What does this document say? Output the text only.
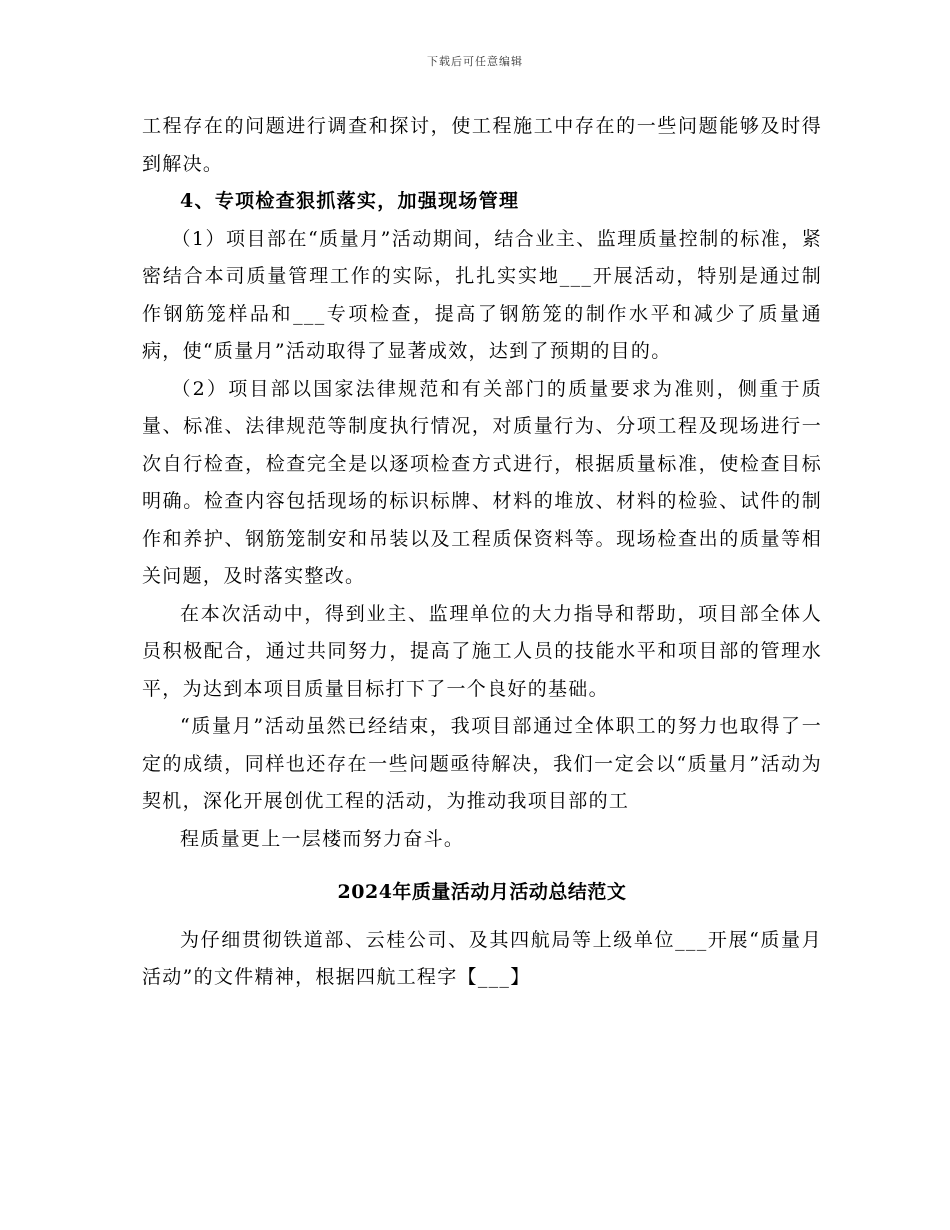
下载后可任意编辑

工程存在的问题进行调查和探讨，使工程施工中存在的一些问题能够及时得到解决。

4、专项检查狠抓落实，加强现场管理

（1）项目部在“质量月”活动期间，结合业主、监理质量控制的标准，紧密结合本司质量管理工作的实际，扎扎实实地___开展活动，特别是通过制作钢筋笼样品和___专项检查，提高了钢筋笼的制作水平和减少了质量通病，使“质量月”活动取得了显著成效，达到了预期的目的。

（2）项目部以国家法律规范和有关部门的质量要求为准则，侧重于质量、标准、法律规范等制度执行情况，对质量行为、分项工程及现场进行一次自行检查，检查完全是以逐项检查方式进行，根据质量标准，使检查目标明确。检查内容包括现场的标识标牌、材料的堆放、材料的检验、试件的制作和养护、钢筋笼制安和吊装以及工程质保资料等。现场检查出的质量等相关问题，及时落实整改。

在本次活动中，得到业主、监理单位的大力指导和帮助，项目部全体人员积极配合，通过共同努力，提高了施工人员的技能水平和项目部的管理水平，为达到本项目质量目标打下了一个良好的基础。

“质量月”活动虽然已经结束，我项目部通过全体职工的努力也取得了一定的成绩，同样也还存在一些问题亟待解决，我们一定会以“质量月”活动为契机，深化开展创优工程的活动，为推动我项目部的工

程质量更上一层楼而努力奋斗。

2024年质量活动月活动总结范文

为仔细贯彻铁道部、云桂公司、及其四航局等上级单位___开展“质量月活动”的文件精神，根据四航工程字【___】
